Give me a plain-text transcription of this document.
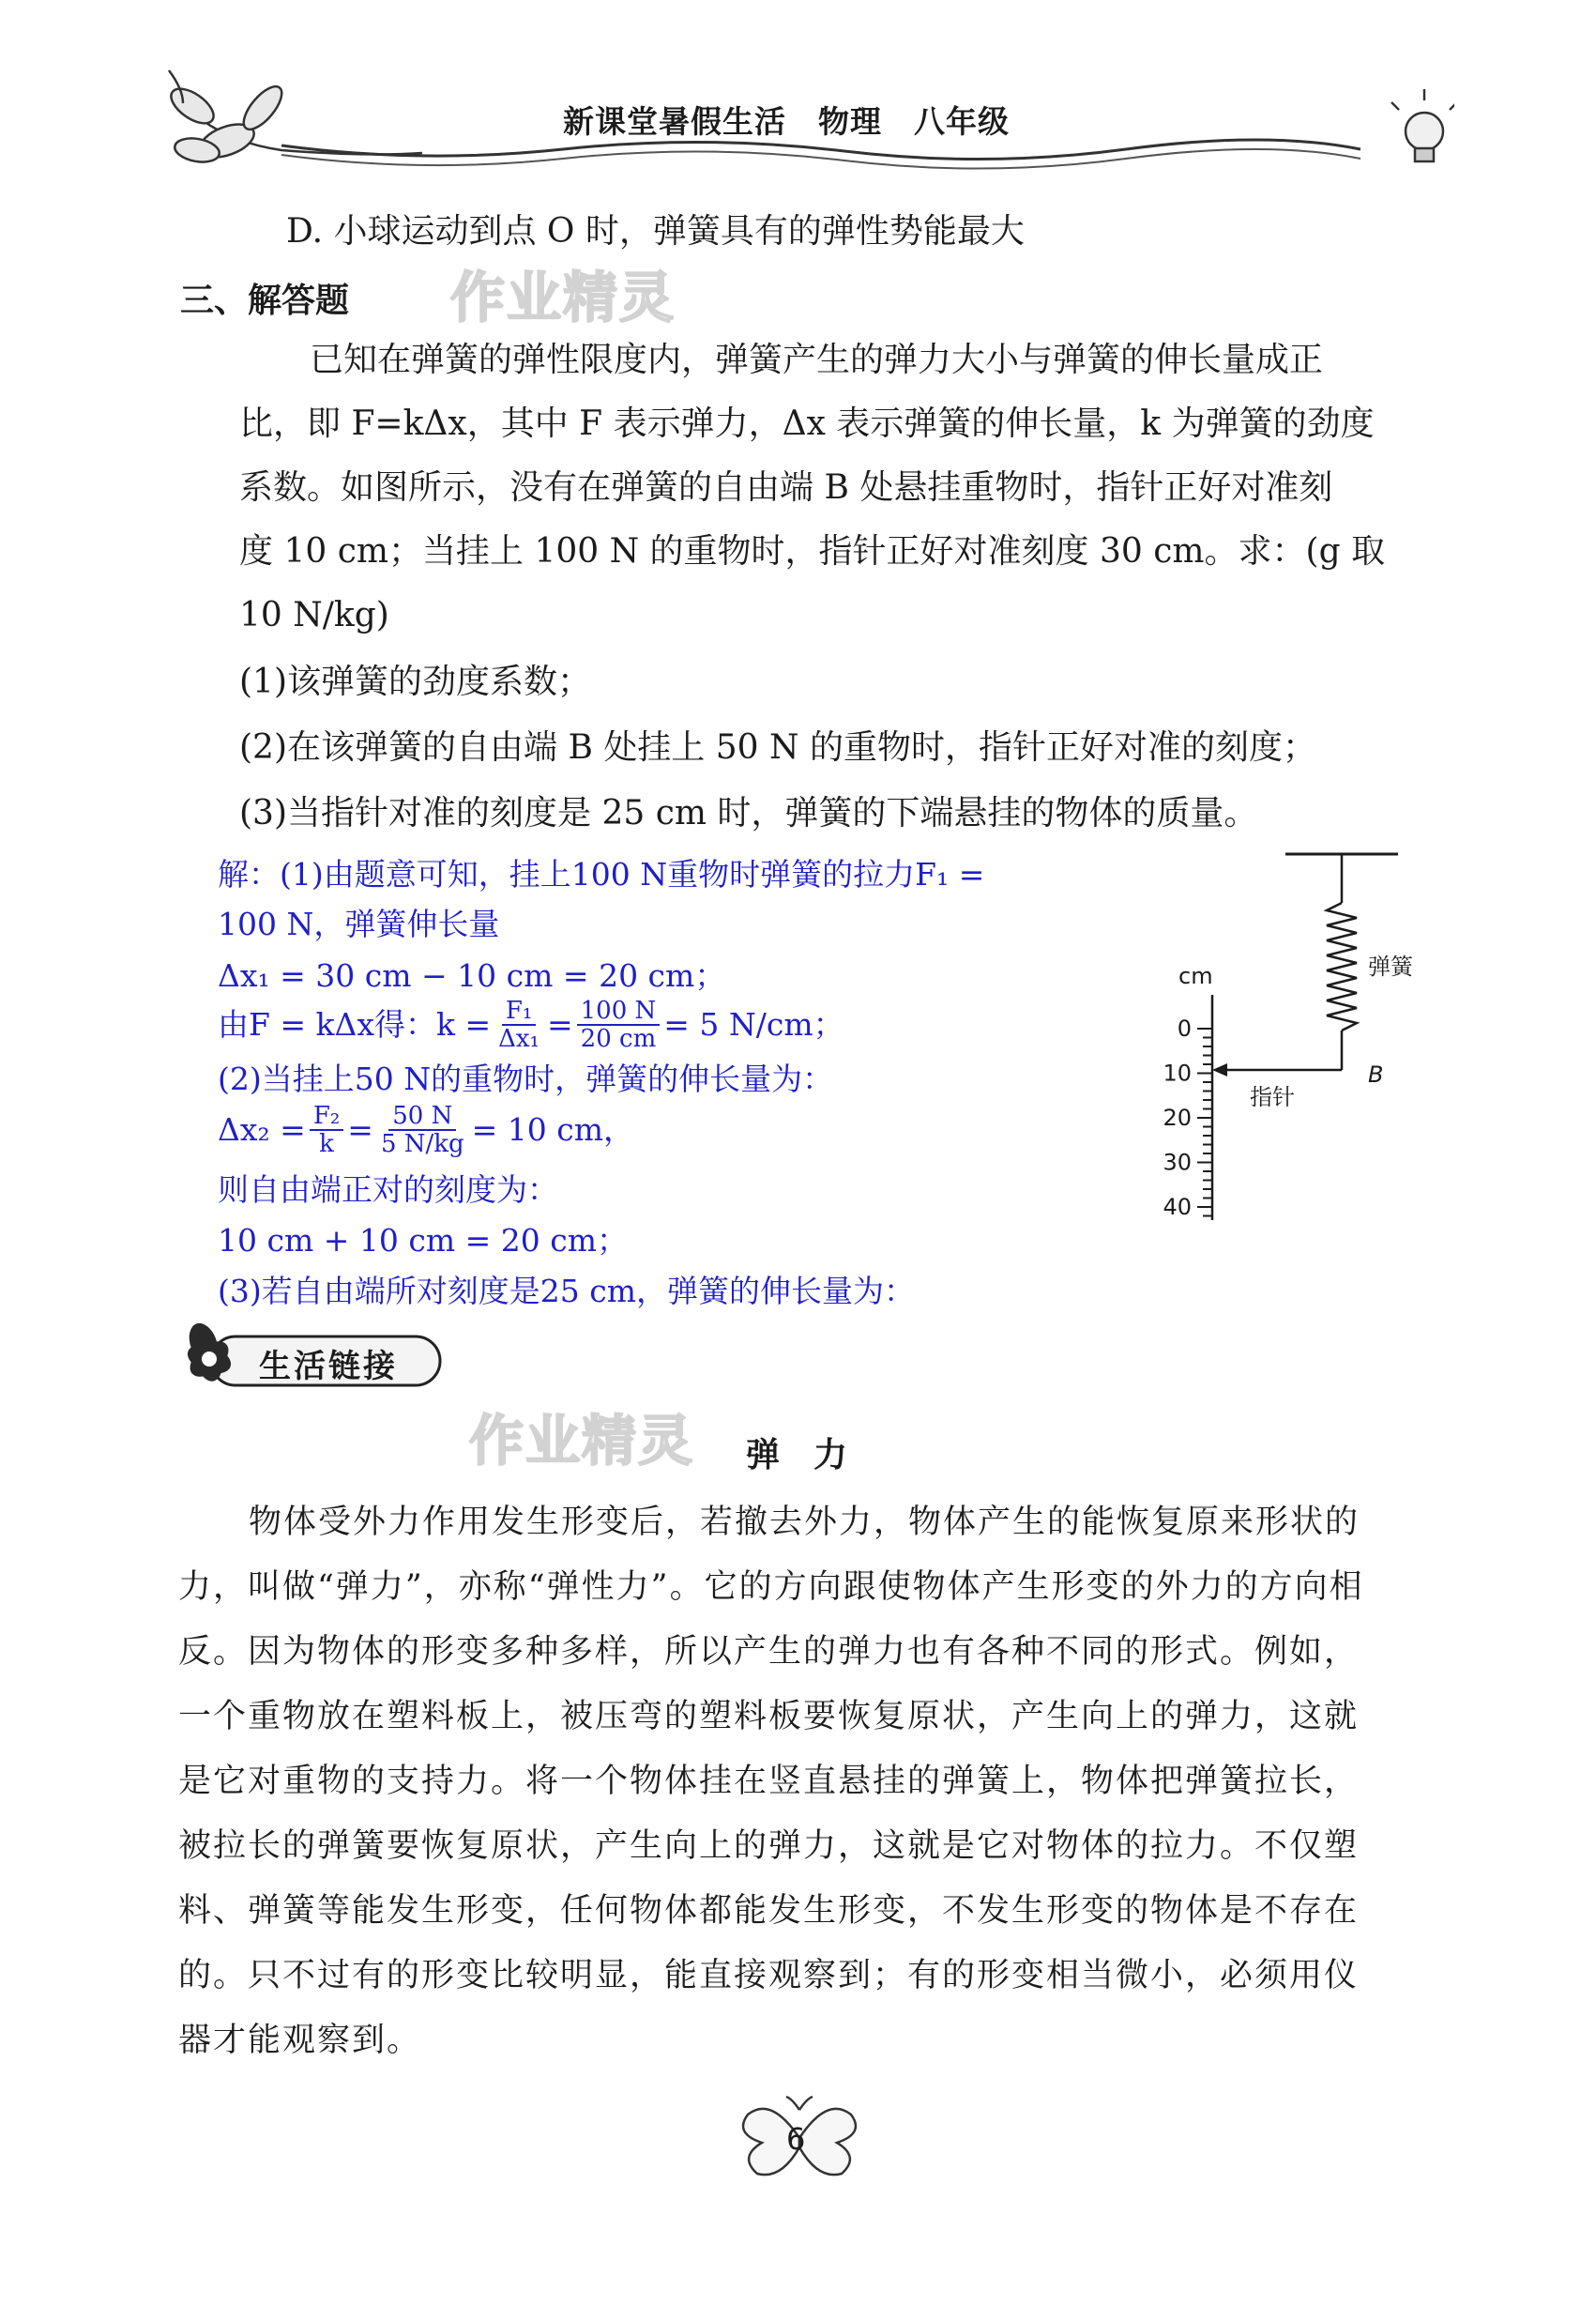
新课堂暑假生活　物理　八年级
D. 小球运动到点 O 时，弹簧具有的弹性势能最大
三、解答题 作业精灵
已知在弹簧的弹性限度内，弹簧产生的弹力大小与弹簧的伸长量成正
比，即 F=kΔx，其中 F 表示弹力，Δx 表示弹簧的伸长量，k 为弹簧的劲度
系数。如图所示，没有在弹簧的自由端 B 处悬挂重物时，指针正好对准刻
度 10 cm；当挂上 100 N 的重物时，指针正好对准刻度 30 cm。求：(g 取
10 N/kg)
(1)该弹簧的劲度系数；
(2)在该弹簧的自由端 B 处挂上 50 N 的重物时，指针正好对准的刻度；
(3)当指针对准的刻度是 25 cm 时，弹簧的下端悬挂的物体的质量。
解：(1)由题意可知，挂上100 N重物时弹簧的拉力F₁ =
100 N，弹簧伸长量
Δx₁ = 30 cm − 10 cm = 20 cm；
由F = kΔx得：$k = \frac{\text{F₁}}{\text{Δx₁}} = \frac{100 N}{20 cm} = 5$ N/cm；
(2)当挂上50 N的重物时，弹簧的伸长量为：
$\Delta x_2 = \frac{\text{F₂}}{k} = \frac{50 N}{5 N/kg} = 10$ cm，
则自由端正对的刻度为：
10 cm + 10 cm = 20 cm；
(3)若自由端所对刻度是25 cm，弹簧的伸长量为：
0
10
20
30
40
cm	弹簧
指针
B
生活链接
作业精灵 弹　力
物体受外力作用发生形变后，若撤去外力，物体产生的能恢复原来形状的
力，叫做“弹力”，亦称“弹性力”。它的方向跟使物体产生形变的外力的方向相
反。因为物体的形变多种多样，所以产生的弹力也有各种不同的形式。例如，
一个重物放在塑料板上，被压弯的塑料板要恢复原状，产生向上的弹力，这就
是它对重物的支持力。将一个物体挂在竖直悬挂的弹簧上，物体把弹簧拉长，
被拉长的弹簧要恢复原状，产生向上的弹力，这就是它对物体的拉力。不仅塑
料、弹簧等能发生形变，任何物体都能发生形变，不发生形变的物体是不存在
的。只不过有的形变比较明显，能直接观察到；有的形变相当微小，必须用仪
器才能观察到。
6
